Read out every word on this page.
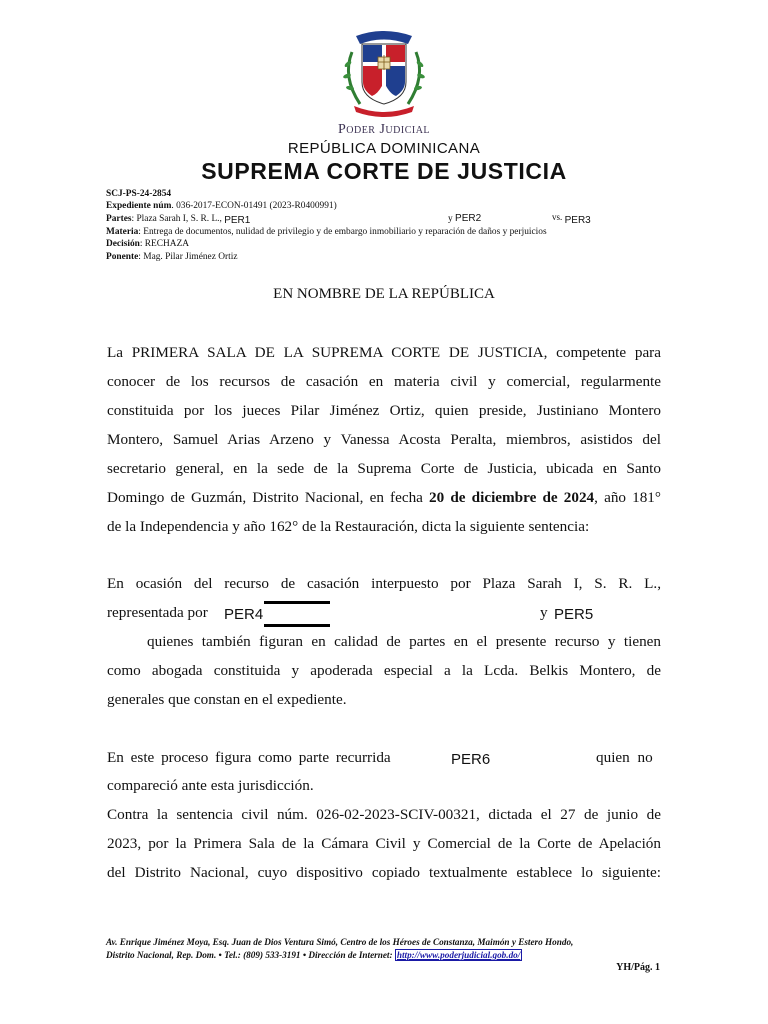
Poder Judicial
REPÚBLICA DOMINICANA
SUPREMA CORTE DE JUSTICIA
SCJ-PS-24-2854
Expediente núm. 036-2017-ECON-01491 (2023-R0400991)
Partes: Plaza Sarah I, S. R. L., PER1	y PER2	vs. PER3
Materia: Entrega de documentos, nulidad de privilegio y de embargo inmobiliario y reparación de daños y perjuicios
Decisión: RECHAZA
Ponente: Mag. Pilar Jiménez Ortiz
EN NOMBRE DE LA REPÚBLICA
La PRIMERA SALA DE LA SUPREMA CORTE DE JUSTICIA, competente para
conocer de los recursos de casación en materia civil y comercial, regularmente
constituida por los jueces Pilar Jiménez Ortiz, quien preside, Justiniano Montero
Montero, Samuel Arias Arzeno y Vanessa Acosta Peralta, miembros, asistidos del
secretario general, en la sede de la Suprema Corte de Justicia, ubicada en Santo
Domingo de Guzmán, Distrito Nacional, en fecha 20 de diciembre de 2024, año 181°
de la Independencia y año 162° de la Restauración, dicta la siguiente sentencia:
En ocasión del recurso de casación interpuesto por Plaza Sarah I, S. R. L.,
representada por PER4	y PER5
quienes también figuran en calidad de partes en el presente recurso y tienen
como abogada constituida y apoderada especial a la Lcda. Belkis Montero, de
generales que constan en el expediente.
En este proceso figura como parte recurrida	PER6	quien no
compareció ante esta jurisdicción.
Contra la sentencia civil núm. 026-02-2023-SCIV-00321, dictada el 27 de junio de
2023, por la Primera Sala de la Cámara Civil y Comercial de la Corte de Apelación
del Distrito Nacional, cuyo dispositivo copiado textualmente establece lo siguiente:
Av. Enrique Jiménez Moya, Esq. Juan de Dios Ventura Simó, Centro de los Héroes de Constanza, Maimón y Estero Hondo,
Distrito Nacional, Rep. Dom. • Tel.: (809) 533-3191 • Dirección de Internet: http://www.poderjudicial.gob.do/
YH/Pág. 1
